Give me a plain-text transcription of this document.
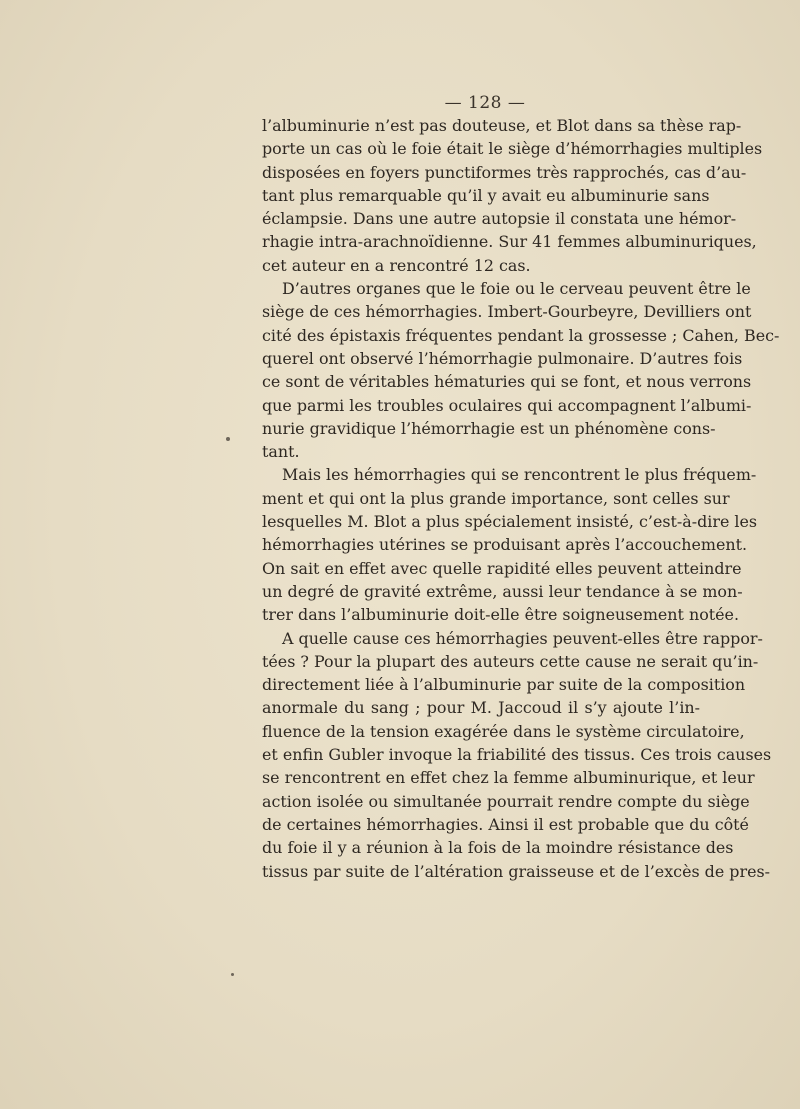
— 128 —
l’albuminurie n’est pas douteuse, et Blot dans sa thèse rap-
porte un cas où le foie était le siège d’hémorrhagies multiples
disposées en foyers punctiformes très rapprochés, cas d’au-
tant plus remarquable qu’il y avait eu albuminurie sans
éclampsie. Dans une autre autopsie il constata une hémor-
rhagie intra-arachnoïdienne. Sur 41 femmes albuminuriques,
cet auteur en a rencontré 12 cas.
D’autres organes que le foie ou le cerveau peuvent être le
siège de ces hémorrhagies. Imbert-Gourbeyre, Devilliers ont
cité des épistaxis fréquentes pendant la grossesse ; Cahen, Bec-
querel ont observé l’hémorrhagie pulmonaire. D’autres fois
ce sont de véritables hématuries qui se font, et nous verrons
que parmi les troubles oculaires qui accompagnent l’albumi-
nurie gravidique l’hémorrhagie est un phénomène cons-
tant.
Mais les hémorrhagies qui se rencontrent le plus fréquem-
ment et qui ont la plus grande importance, sont celles sur
lesquelles M. Blot a plus spécialement insisté, c’est-à-dire les
hémorrhagies utérines se produisant après l’accouchement.
On sait en effet avec quelle rapidité elles peuvent atteindre
un degré de gravité extrême, aussi leur tendance à se mon-
trer dans l’albuminurie doit-elle être soigneusement notée.
A quelle cause ces hémorrhagies peuvent-elles être rappor-
tées ? Pour la plupart des auteurs cette cause ne serait qu’in-
directement liée à l’albuminurie par suite de la composition
anormale du sang ; pour M. Jaccoud il s’y ajoute l’in-
fluence de la tension exagérée dans le système circulatoire,
et enfin Gubler invoque la friabilité des tissus. Ces trois causes
se rencontrent en effet chez la femme albuminurique, et leur
action isolée ou simultanée pourrait rendre compte du siège
de certaines hémorrhagies. Ainsi il est probable que du côté
du foie il y a réunion à la fois de la moindre résistance des
tissus par suite de l’altération graisseuse et de l’excès de pres-
